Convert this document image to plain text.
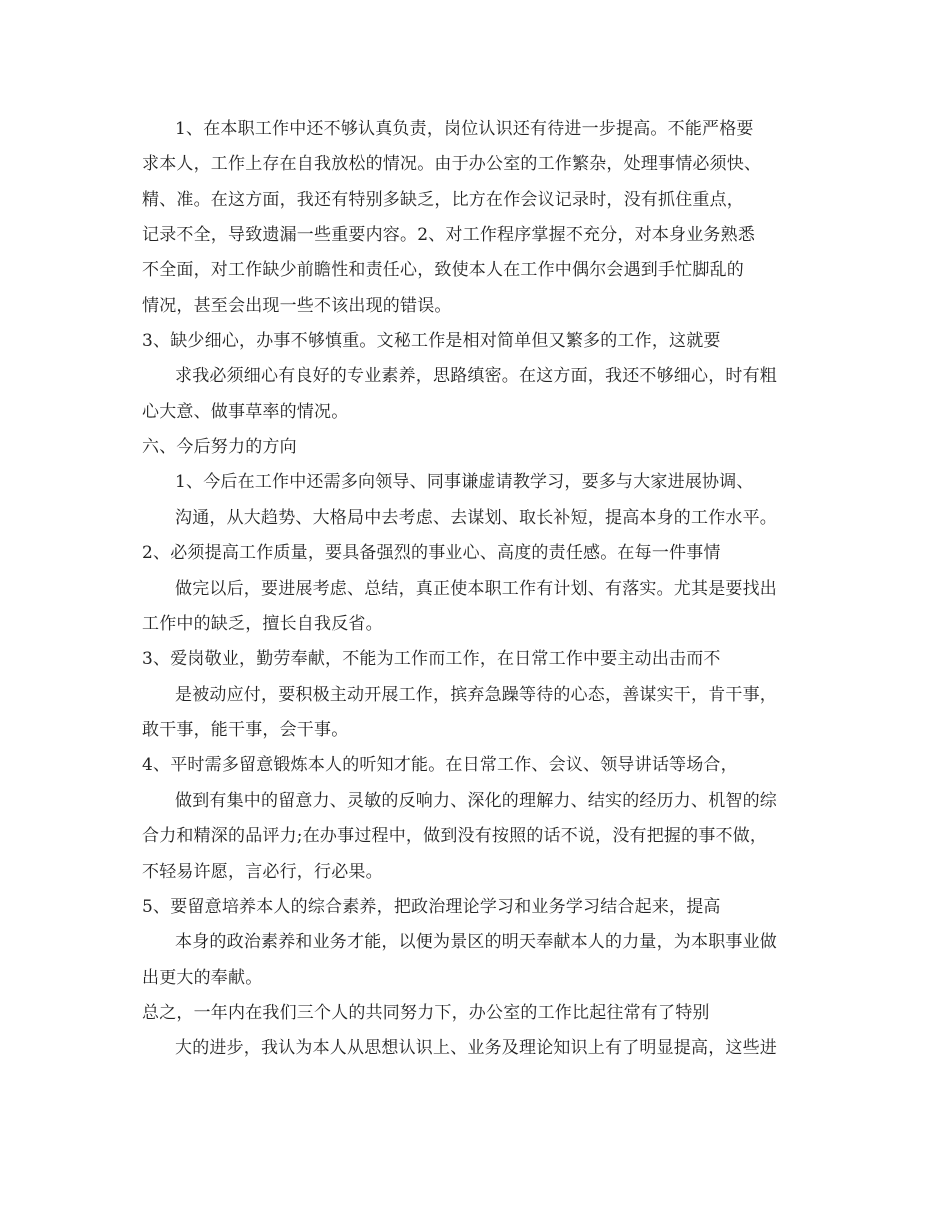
1、在本职工作中还不够认真负责，岗位认识还有待进一步提高。不能严格要
求本人，工作上存在自我放松的情况。由于办公室的工作繁杂，处理事情必须快、
精、准。在这方面，我还有特别多缺乏，比方在作会议记录时，没有抓住重点，
记录不全，导致遗漏一些重要内容。2、对工作程序掌握不充分，对本身业务熟悉
不全面，对工作缺少前瞻性和责任心，致使本人在工作中偶尔会遇到手忙脚乱的
情况，甚至会出现一些不该出现的错误。
3、缺少细心，办事不够慎重。文秘工作是相对简单但又繁多的工作，这就要
求我必须细心有良好的专业素养，思路缜密。在这方面，我还不够细心，时有粗
心大意、做事草率的情况。
六、今后努力的方向
1、今后在工作中还需多向领导、同事谦虚请教学习，要多与大家进展协调、
沟通，从大趋势、大格局中去考虑、去谋划、取长补短，提高本身的工作水平。
2、必须提高工作质量，要具备强烈的事业心、高度的责任感。在每一件事情
做完以后，要进展考虑、总结，真正使本职工作有计划、有落实。尤其是要找出
工作中的缺乏，擅长自我反省。
3、爱岗敬业，勤劳奉献，不能为工作而工作，在日常工作中要主动出击而不
是被动应付，要积极主动开展工作，摈弃急躁等待的心态，善谋实干，肯干事，
敢干事，能干事，会干事。
4、平时需多留意锻炼本人的听知才能。在日常工作、会议、领导讲话等场合，
做到有集中的留意力、灵敏的反响力、深化的理解力、结实的经历力、机智的综
合力和精深的品评力;在办事过程中，做到没有按照的话不说，没有把握的事不做，
不轻易许愿，言必行，行必果。
5、要留意培养本人的综合素养，把政治理论学习和业务学习结合起来，提高
本身的政治素养和业务才能，以便为景区的明天奉献本人的力量，为本职事业做
出更大的奉献。
总之，一年内在我们三个人的共同努力下，办公室的工作比起往常有了特别
大的进步，我认为本人从思想认识上、业务及理论知识上有了明显提高，这些进
